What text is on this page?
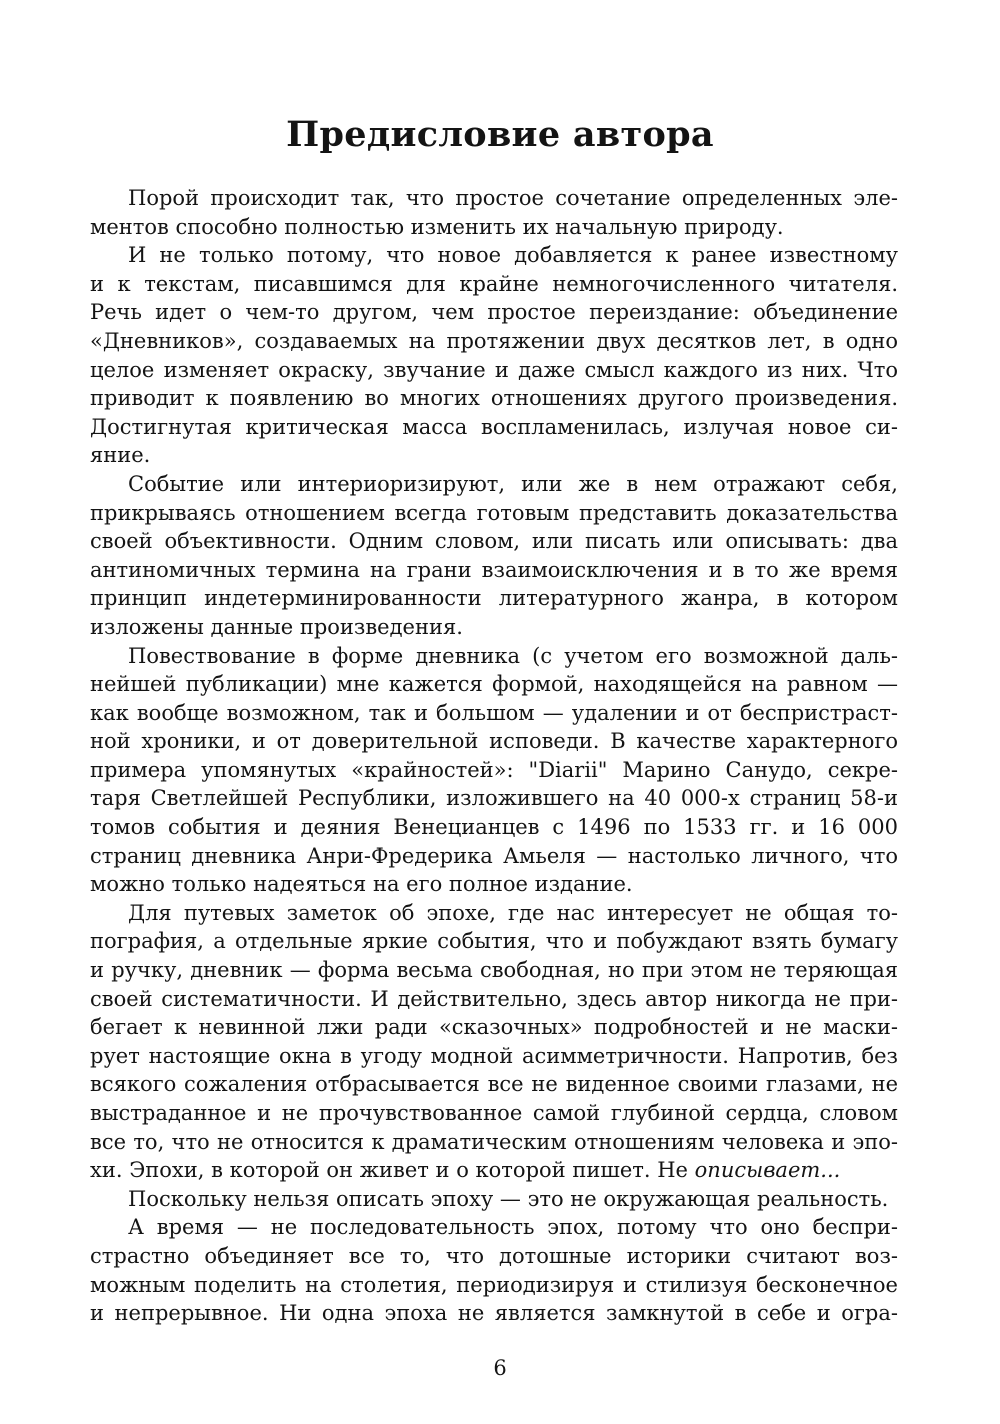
Предисловие автора

Порой происходит так, что простое сочетание определенных эле-
ментов способно полностью изменить их начальную природу.

И не только потому, что новое добавляется к ранее известному
и к текстам, писавшимся для крайне немногочисленного читателя.
Речь идет о чем-то другом, чем простое переиздание: объединение
«Дневников», создаваемых на протяжении двух десятков лет, в одно
целое изменяет окраску, звучание и даже смысл каждого из них. Что
приводит к появлению во многих отношениях другого произведения.
Достигнутая критическая масса воспламенилась, излучая новое си-
яние.

Событие или интериоризируют, или же в нем отражают себя,
прикрываясь отношением всегда готовым представить доказательства
своей объективности. Одним словом, или писать или описывать: два
антиномичных термина на грани взаимоисключения и в то же время
принцип индетерминированности литературного жанра, в котором
изложены данные произведения.

Повествование в форме дневника (с учетом его возможной даль-
нейшей публикации) мне кажется формой, находящейся на равном —
как вообще возможном, так и большом — удалении и от беспристраст-
ной хроники, и от доверительной исповеди. В качестве характерного
примера упомянутых «крайностей»: "Diarii" Марино Санудо, секре-
таря Светлейшей Республики, изложившего на 40 000-х страниц 58-и
томов события и деяния Венецианцев с 1496 по 1533 гг. и 16 000
страниц дневника Анри-Фредерика Амьеля — настолько личного, что
можно только надеяться на его полное издание.

Для путевых заметок об эпохе, где нас интересует не общая то-
пография, а отдельные яркие события, что и побуждают взять бумагу
и ручку, дневник — форма весьма свободная, но при этом не теряющая
своей систематичности. И действительно, здесь автор никогда не при-
бегает к невинной лжи ради «сказочных» подробностей и не маски-
рует настоящие окна в угоду модной асимметричности. Напротив, без
всякого сожаления отбрасывается все не виденное своими глазами, не
выстраданное и не прочувствованное самой глубиной сердца, словом
все то, что не относится к драматическим отношениям человека и эпо-
хи. Эпохи, в которой он живет и о которой пишет. Не описывает...

Поскольку нельзя описать эпоху — это не окружающая реальность.

А время — не последовательность эпох, потому что оно беспри-
страстно объединяет все то, что дотошные историки считают воз-
можным поделить на столетия, периодизируя и стилизуя бесконечное
и непрерывное. Ни одна эпоха не является замкнутой в себе и огра-

6
